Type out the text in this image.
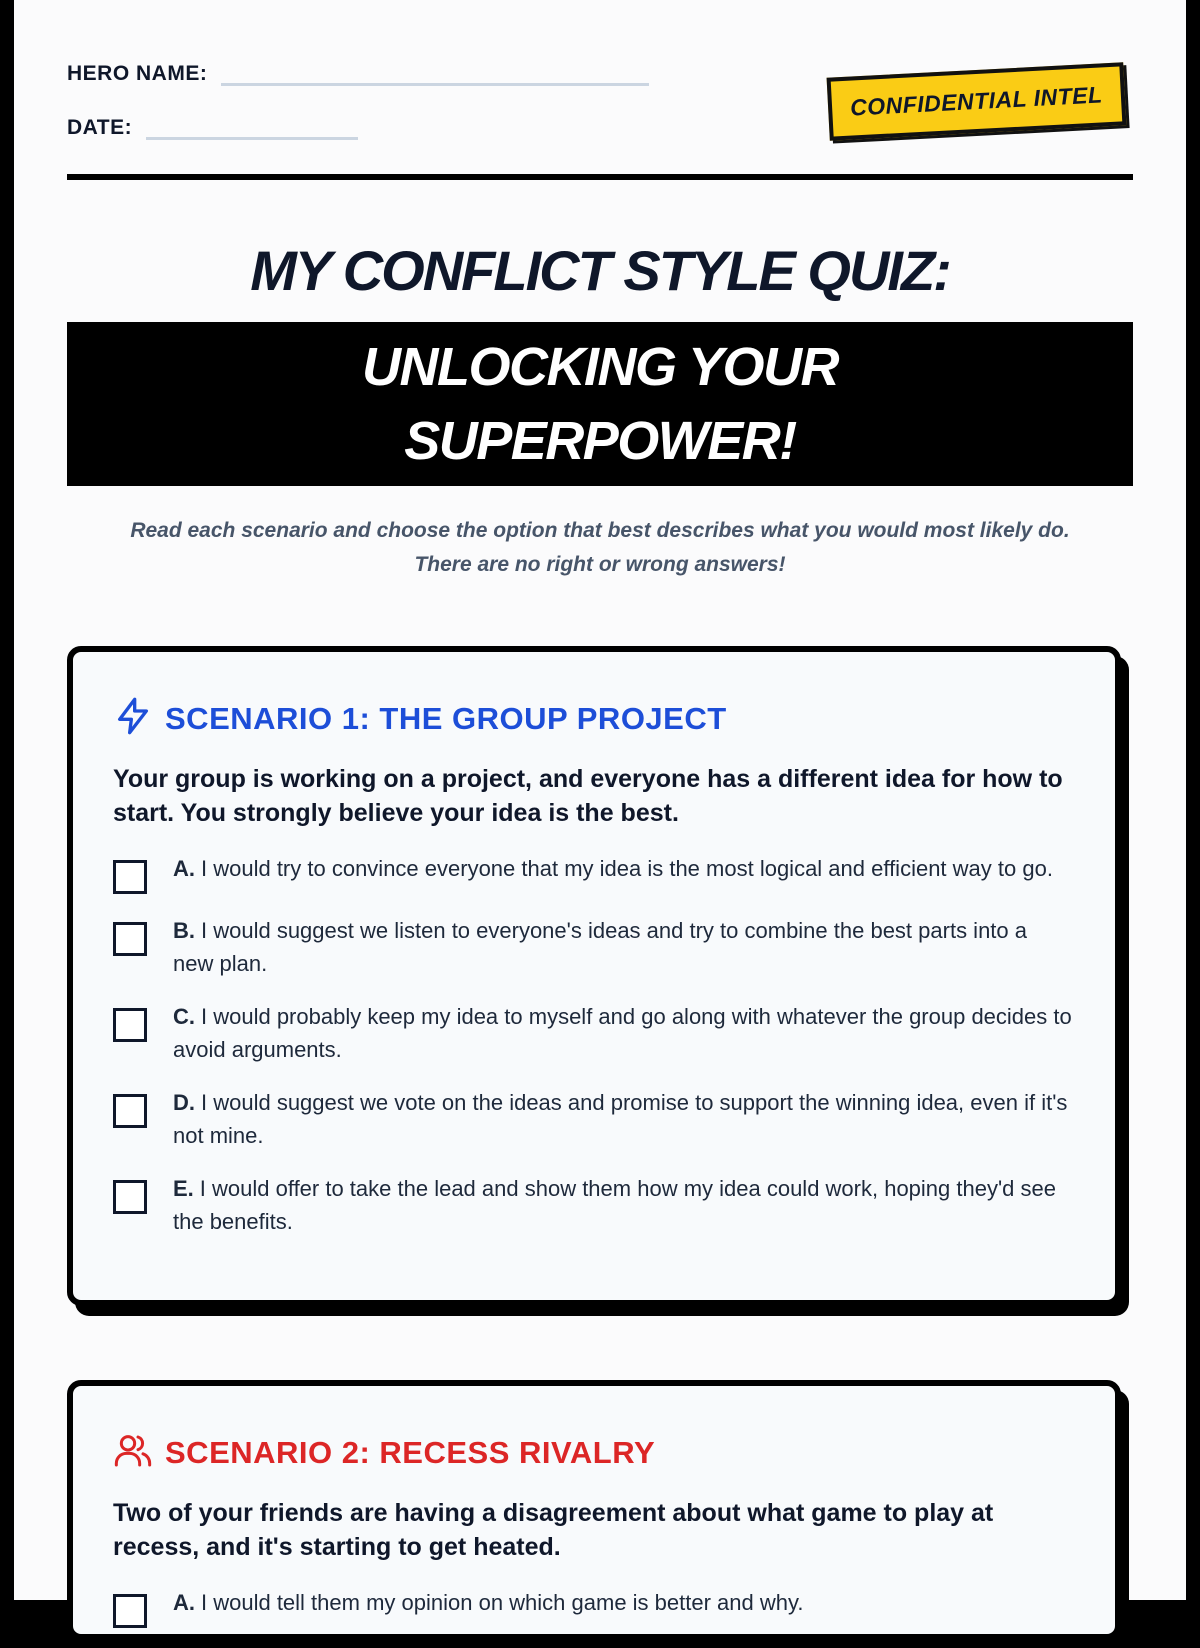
HERO NAME:
DATE:
CONFIDENTIAL INTEL
MY CONFLICT STYLE QUIZ:
UNLOCKING YOUR SUPERPOWER!
Read each scenario and choose the option that best describes what you would most likely do.
There are no right or wrong answers!
SCENARIO 1: THE GROUP PROJECT
Your group is working on a project, and everyone has a different idea for how to start. You strongly believe your idea is the best.
A. I would try to convince everyone that my idea is the most logical and efficient way to go.
B. I would suggest we listen to everyone's ideas and try to combine the best parts into a new plan.
C. I would probably keep my idea to myself and go along with whatever the group decides to avoid arguments.
D. I would suggest we vote on the ideas and promise to support the winning idea, even if it's not mine.
E. I would offer to take the lead and show them how my idea could work, hoping they'd see the benefits.
SCENARIO 2: RECESS RIVALRY
Two of your friends are having a disagreement about what game to play at recess, and it's starting to get heated.
A. I would tell them my opinion on which game is better and why.
